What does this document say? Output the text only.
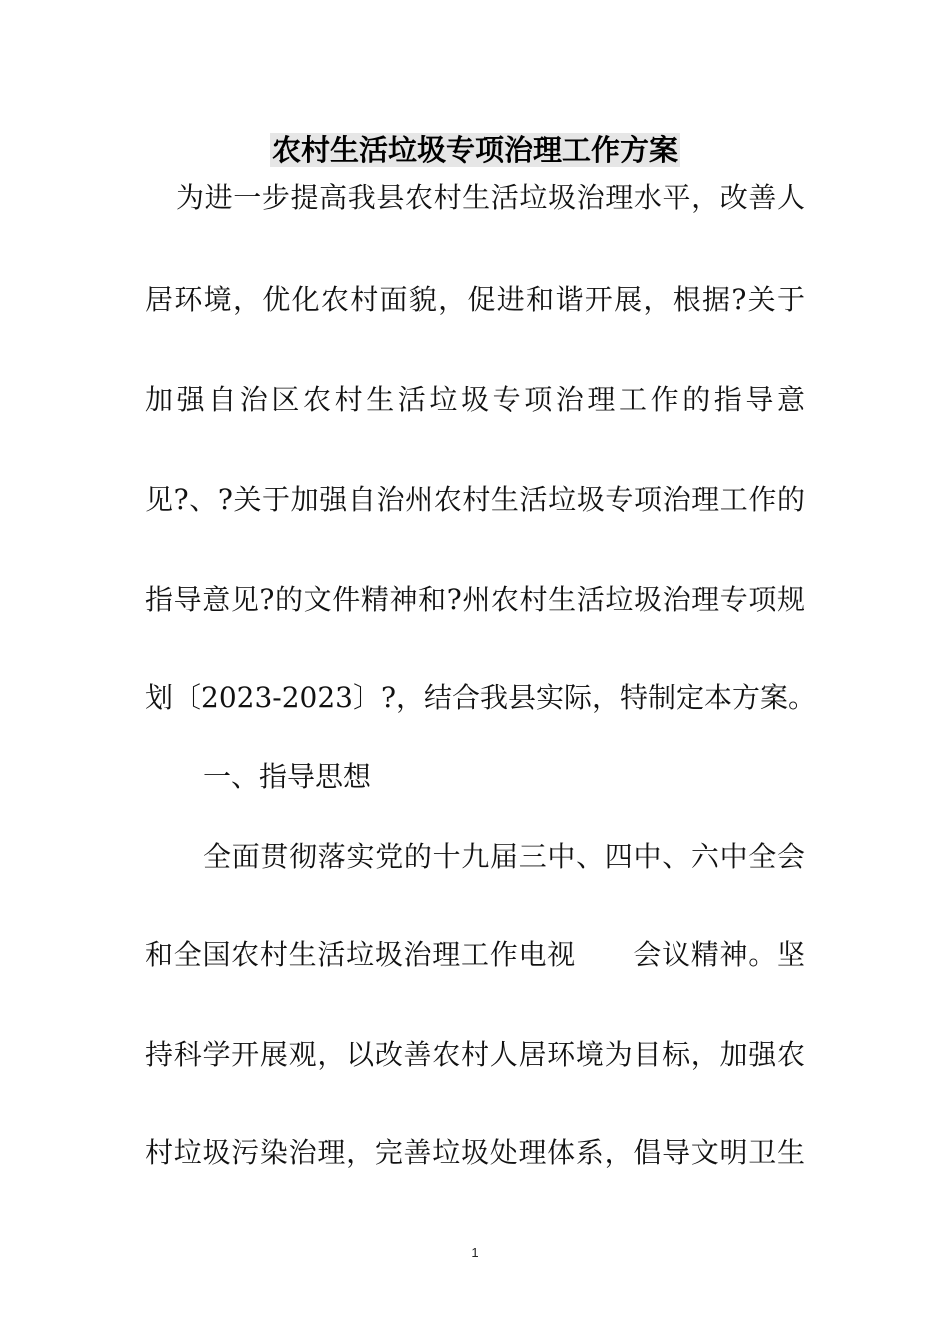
农村生活垃圾专项治理工作方案
为进一步提高我县农村生活垃圾治理水平，改善人
居环境，优化农村面貌，促进和谐开展，根据?关于
加强自治区农村生活垃圾专项治理工作的指导意
见?、?关于加强自治州农村生活垃圾专项治理工作的
指导意见?的文件精神和?州农村生活垃圾治理专项规
划〔2023-2023〕?，结合我县实际，特制定本方案。
一、指导思想
全面贯彻落实党的十九届三中、四中、六中全会
和全国农村生活垃圾治理工作电视　　会议精神。坚
持科学开展观，以改善农村人居环境为目标，加强农
村垃圾污染治理，完善垃圾处理体系，倡导文明卫生
1
